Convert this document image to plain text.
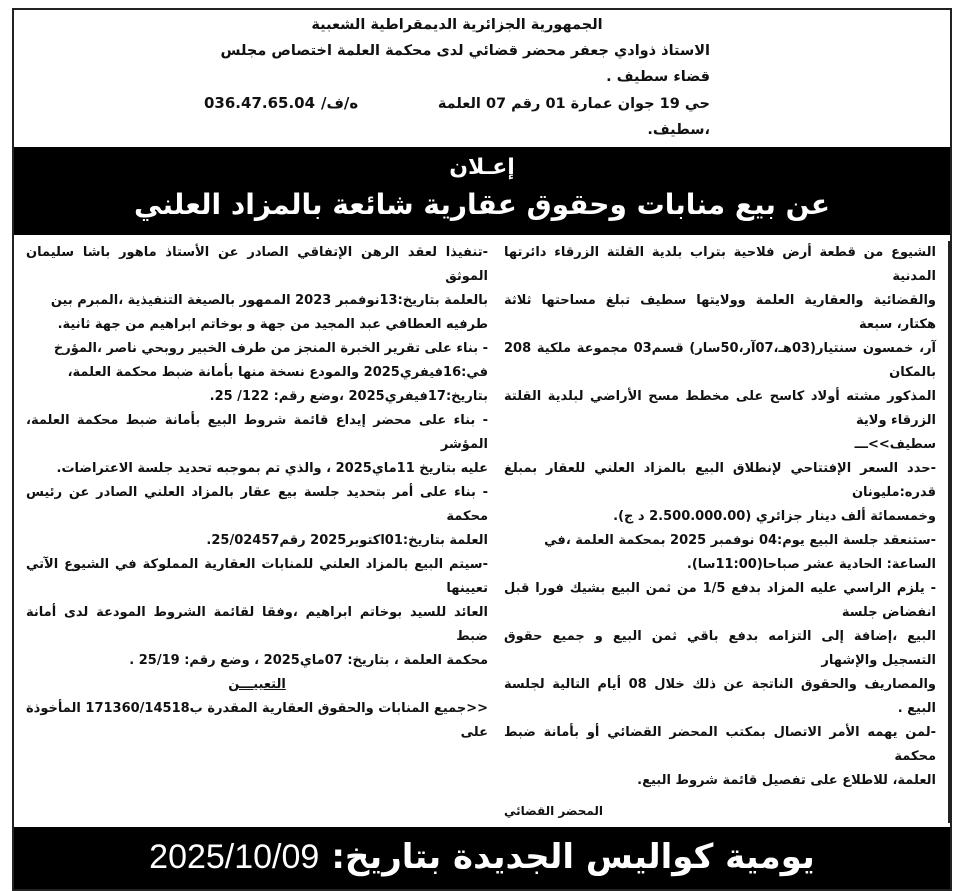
الجمهورية الجزائرية الديمقراطية الشعبية
الاستاذ ذوادي جعفر محضر قضائي لدى محكمة العلمة اختصاص مجلس قضاء سطيف .
حي 19 جوان عمارة 01 رقم 07 العلمة ،سطيف.
036.47.65.04 ه/ف/
إعـلان
عن بيع منابات وحقوق عقارية شائعة بالمزاد العلني
-تنفيذا لعقد الرهن الإتفاقي الصادر عن الأستاذ ماهور باشا سليمان الموثق
بالعلمة بتاريخ:13نوفمبر 2023 الممهور بالصيغة التنفيذية ،المبرم بين
طرفيه العطافي عبد المجيد من جهة و بوخاتم ابراهيم من جهة ثانية.
- بناء على تقرير الخبرة المنجز من طرف الخبير روبحي ناصر ،المؤرخ
في:16فيفري2025 والمودع نسخة منها بأمانة ضبط محكمة العلمة،
بتاريخ:17فيفري2025 ،وضع رقم: 122/ 25.
- بناء على محضر إيداع قائمة شروط البيع بأمانة ضبط محكمة العلمة، المؤشر
عليه بتاريخ 11ماي2025 ، والذي تم بموجبه تحديد جلسة الاعتراضات.
- بناء على أمر بتحديد جلسة بيع عقار بالمزاد العلني الصادر عن رئيس محكمة
العلمة بتاريخ:01اكتوبر2025 رقم25/02457.
-سيتم البيع بالمزاد العلني للمنابات العقارية المملوكة في الشيوع الآتي تعيينها
العائد للسيد بوخاتم ابراهيم ،وفقا لقائمة الشروط المودعة لدى أمانة ضبط
محكمة العلمة ، بتاريخ: 07ماي2025 ، وضع رقم: 25/19 .
التعييـــن
<<جميع المنابات والحقوق العقارية المقدرة ب171360/14518 المأخوذة على
الشيوع من قطعة أرض فلاحية بتراب بلدية القلتة الزرقاء دائرتها المدنية
والقضائية والعقارية العلمة وولايتها سطيف تبلغ مساحتها ثلاثة هكتار، سبعة
آر، خمسون سنتيار(03هـ،07آر،50سار) قسم03 مجموعة ملكية 208 بالمكان
المذكور مشته أولاد كاسح على مخطط مسح الأراضي لبلدية القلتة الزرقاء ولاية
سطيف>>ـــ
-حدد السعر الإفتتاحي لإنطلاق البيع بالمزاد العلني للعقار بمبلغ قدره:مليونان
وخمسمائة ألف دينار جزائري (2.500.000.00 د ج).
-ستنعقد جلسة البيع يوم:04 نوفمبر 2025 بمحكمة العلمة ،في
الساعة: الحادية عشر صباحا(11:00سا).
- يلزم الراسي عليه المزاد بدفع 1/5 من ثمن البيع بشيك فورا قبل انفضاض جلسة
البيع ،إضافة إلى التزامه بدفع باقي ثمن البيع و جميع حقوق التسجيل والإشهار
والمصاريف والحقوق الناتجة عن ذلك خلال 08 أيام التالية لجلسة البيع .
-لمن يهمه الأمر الاتصال بمكتب المحضر القضائي أو بأمانة ضبط محكمة
العلمة، للاطلاع على تفصيل قائمة شروط البيع.
المحضر القضائي
يومية كواليس الجديدة بتاريخ:2025/10/09
